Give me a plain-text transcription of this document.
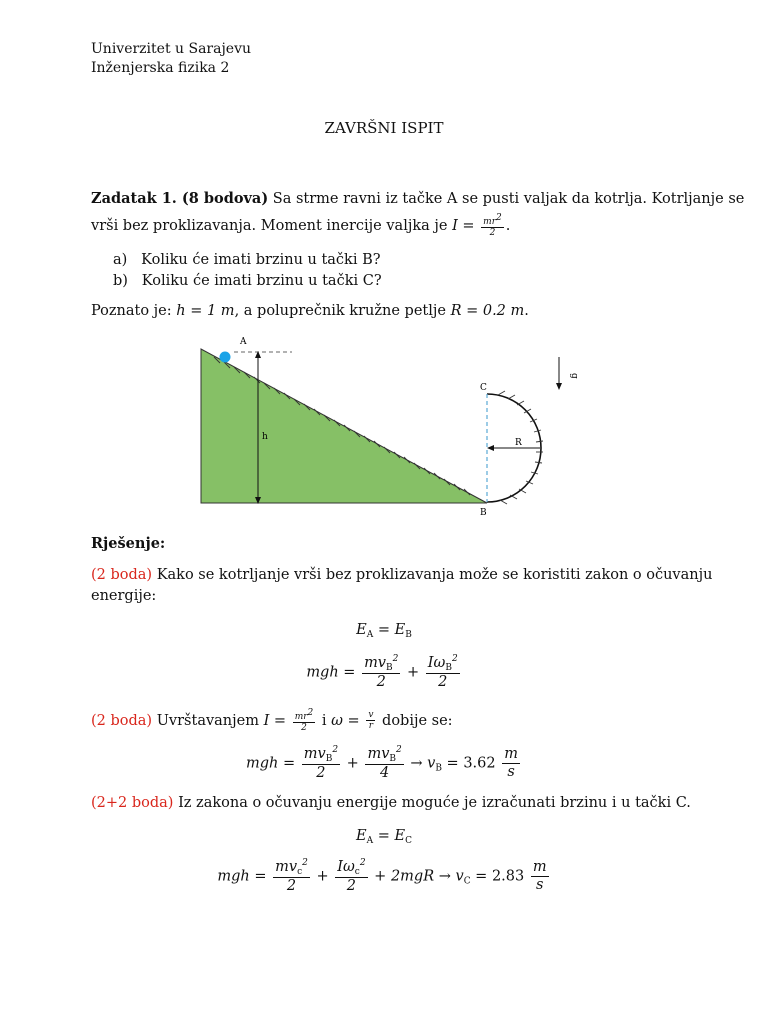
Univerzitet u Sarajevu
Inženjerska fizika 2
ZAVRŠNI ISPIT
Zadatak 1. (8 bodova) Sa strme ravni iz tačke A se pusti valjak da kotrlja. Kotrljanje se
vrši bez proklizavanja. Moment inercije valjka je $I = \frac{mr^2}{2}$ .
a) Koliku će imati brzinu u tački B?
b) Koliku će imati brzinu u tački C?
Poznato je: h = 1 m, a poluprečnik kružne petlje R = 0.2 m.
h
A
R
C
B
g
Rješenje:
(2 boda) Kako se kotrljanje vrši bez proklizavanja može se koristiti zakon o očuvanju
energije:
$E_A = E_B$
mgh =
$mv_B^2$
2
+
$I\omega_B^2$
2
(2 boda) Uvrštavanjem $I = \frac{mr^2}{2}$ i $\omega = \frac{v}{r}$ dobije se:
mgh =
$mv_B^2$
2
+
$mv_B^2$
4
→ $v_B = 3.62 \frac{m}{s}$
(2+2 boda) Iz zakona o očuvanju energije moguće je izračunati brzinu i u tački C.
$E_A = E_C$
mgh =
$mv_c^2$
2
+
$I\omega_c^2$
2
+ $2mgR \to v_C = 2.83 \frac{m}{s}$
